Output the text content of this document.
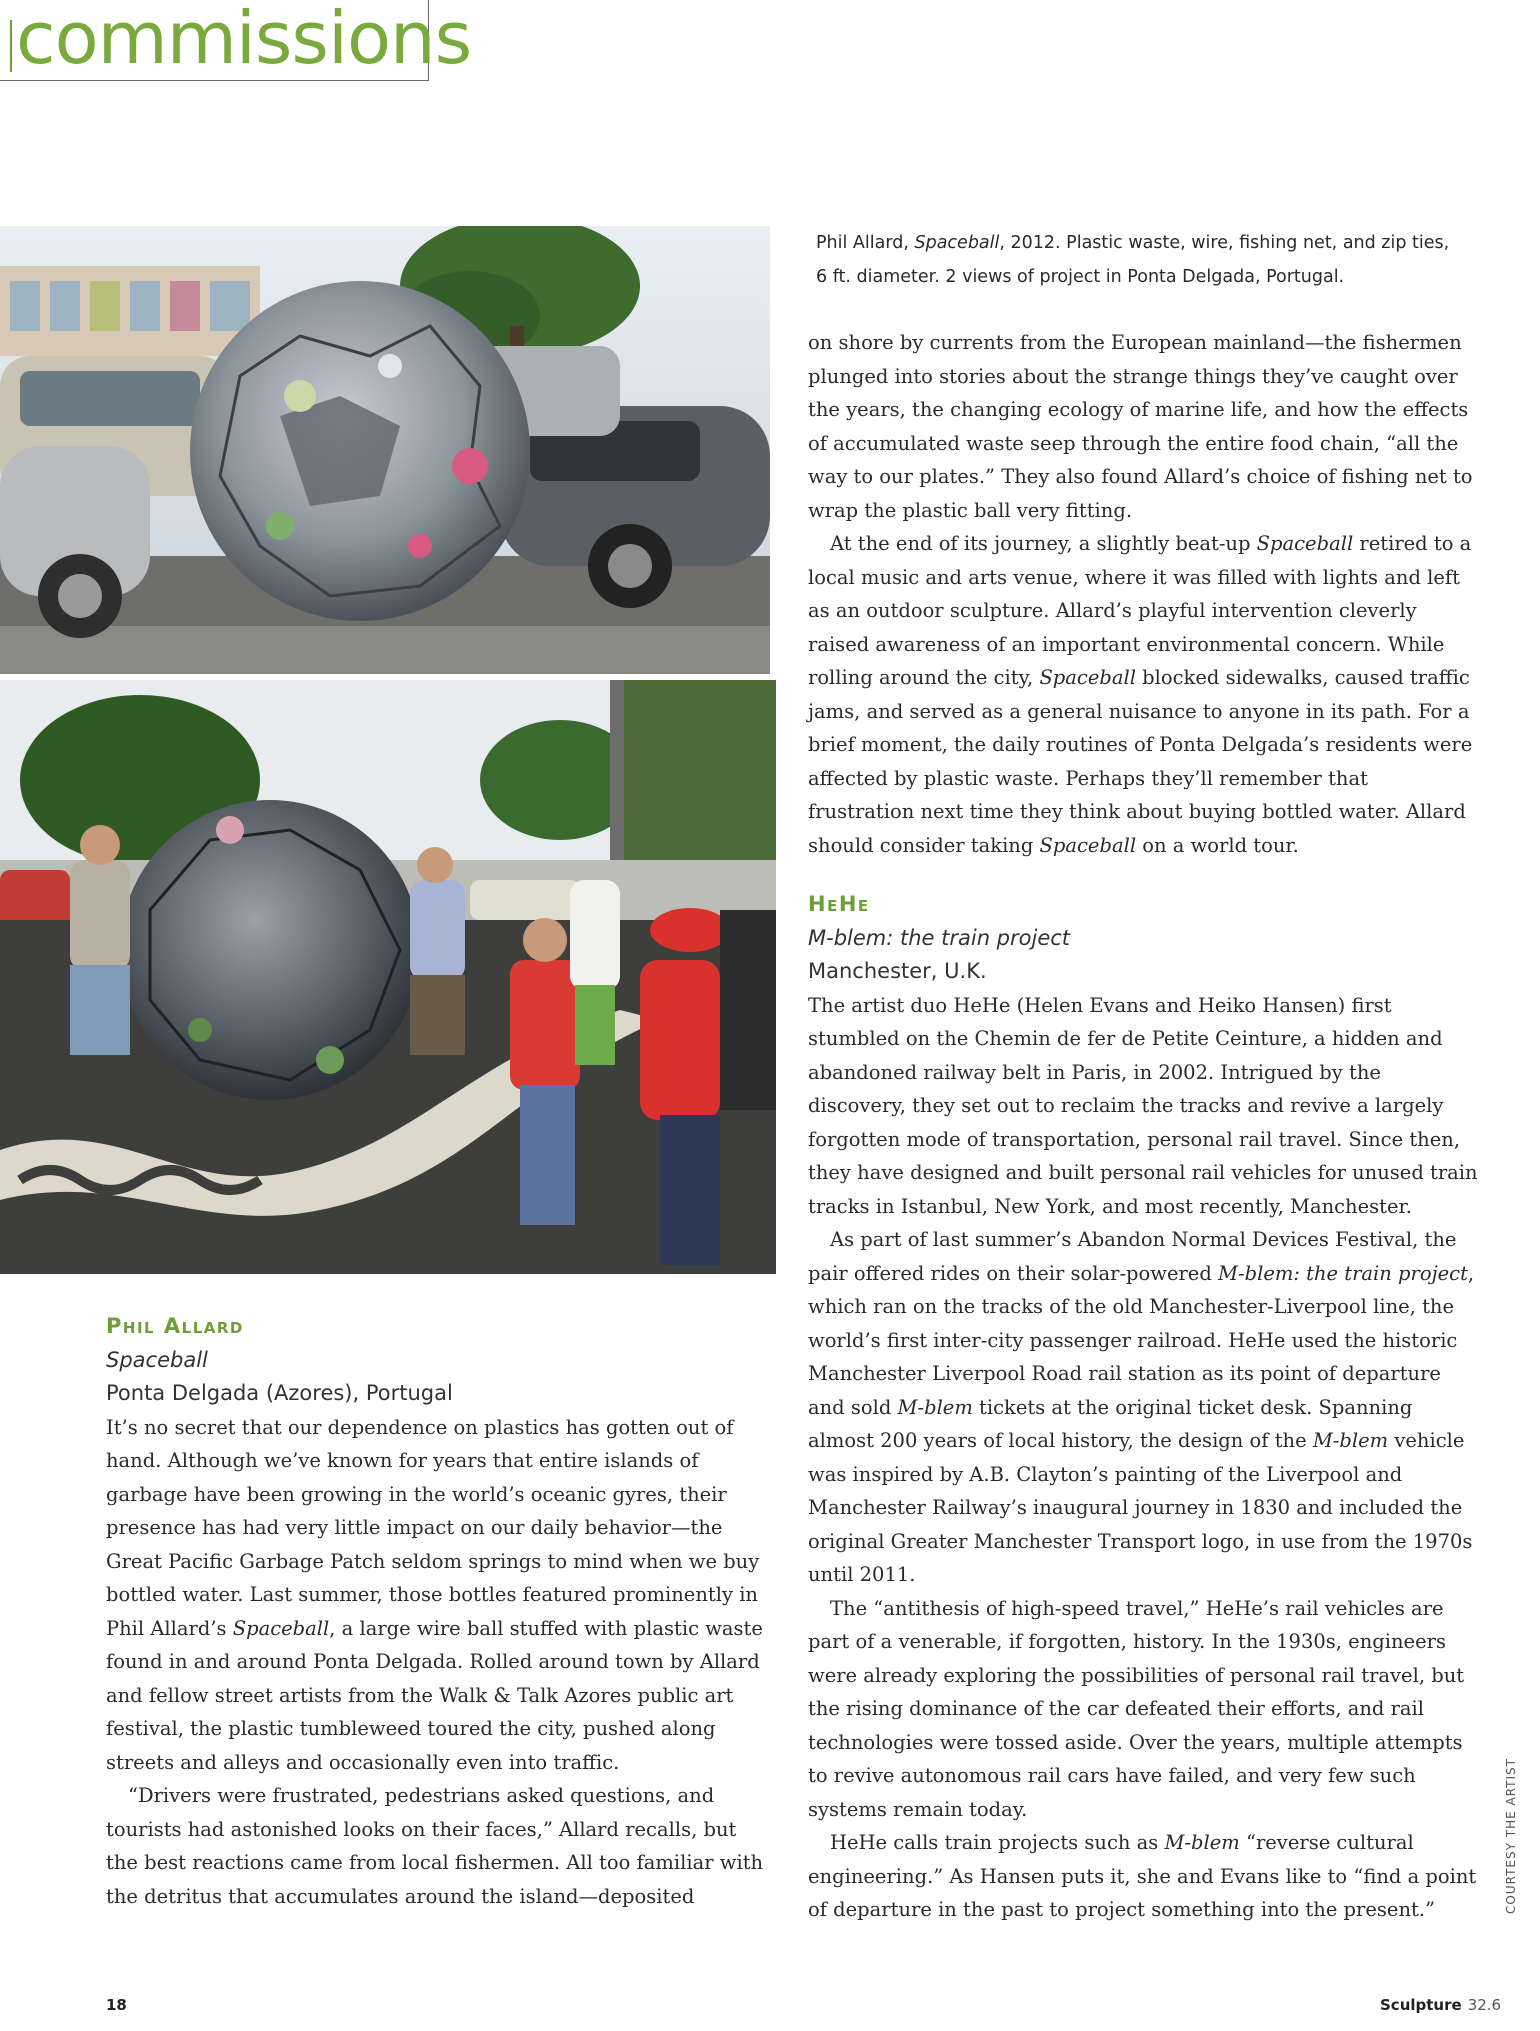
commissions
Phil Allard, Spaceball, 2012. Plastic waste, wire, fishing net, and zip ties,
6 ft. diameter. 2 views of project in Ponta Delgada, Portugal.
Phil Allard
Spaceball
Ponta Delgada (Azores), Portugal

It’s no secret that our dependence on plastics has gotten out of hand. Although we’ve known for years that entire islands of garbage have been growing in the world’s oceanic gyres, their presence has had very little impact on our daily behavior—the Great Pacific Garbage Patch seldom springs to mind when we buy bottled water. Last summer, those bottles featured prominently in Phil Allard’s Spaceball, a large wire ball stuffed with plastic waste found in and around Ponta Delgada. Rolled around town by Allard and fellow street artists from the Walk & Talk Azores public art festival, the plastic tumbleweed toured the city, pushed along streets and alleys and occasionally even into traffic.

“Drivers were frustrated, pedestrians asked questions, and tourists had astonished looks on their faces,” Allard recalls, but the best reactions came from local fishermen. All too familiar with the detritus that accumulates around the island—deposited

on shore by currents from the European mainland—the fishermen plunged into stories about the strange things they’ve caught over the years, the changing ecology of marine life, and how the effects of accumulated waste seep through the entire food chain, “all the way to our plates.” They also found Allard’s choice of fishing net to wrap the plastic ball very fitting.

At the end of its journey, a slightly beat-up Spaceball retired to a local music and arts venue, where it was filled with lights and left as an outdoor sculpture. Allard’s playful intervention cleverly raised awareness of an important environmental concern. While rolling around the city, Spaceball blocked sidewalks, caused traffic jams, and served as a general nuisance to anyone in its path. For a brief moment, the daily routines of Ponta Delgada’s residents were affected by plastic waste. Perhaps they’ll remember that frustration next time they think about buying bottled water. Allard should consider taking Spaceball on a world tour.

HeHe
M-blem: the train project
Manchester, U.K.

The artist duo HeHe (Helen Evans and Heiko Hansen) first stumbled on the Chemin de fer de Petite Ceinture, a hidden and abandoned railway belt in Paris, in 2002. Intrigued by the discovery, they set out to reclaim the tracks and revive a largely forgotten mode of transportation, personal rail travel. Since then, they have designed and built personal rail vehicles for unused train tracks in Istanbul, New York, and most recently, Manchester.

As part of last summer’s Abandon Normal Devices Festival, the pair offered rides on their solar-powered M-blem: the train project, which ran on the tracks of the old Manchester-Liverpool line, the world’s first inter-city passenger railroad. HeHe used the historic Manchester Liverpool Road rail station as its point of departure and sold M-blem tickets at the original ticket desk. Spanning almost 200 years of local history, the design of the M-blem vehicle was inspired by A.B. Clayton’s painting of the Liverpool and Manchester Railway’s inaugural journey in 1830 and included the original Greater Manchester Transport logo, in use from the 1970s until 2011.

The “antithesis of high-speed travel,” HeHe’s rail vehicles are part of a venerable, if forgotten, history. In the 1930s, engineers were already exploring the possibilities of personal rail travel, but the rising dominance of the car defeated their efforts, and rail technologies were tossed aside. Over the years, multiple attempts to revive autonomous rail cars have failed, and very few such systems remain today.

HeHe calls train projects such as M-blem “reverse cultural engineering.” As Hansen puts it, she and Evans like to “find a point of departure in the past to project something into the present.”	COURTESY THE ARTIST
18	Sculpture 32.6
